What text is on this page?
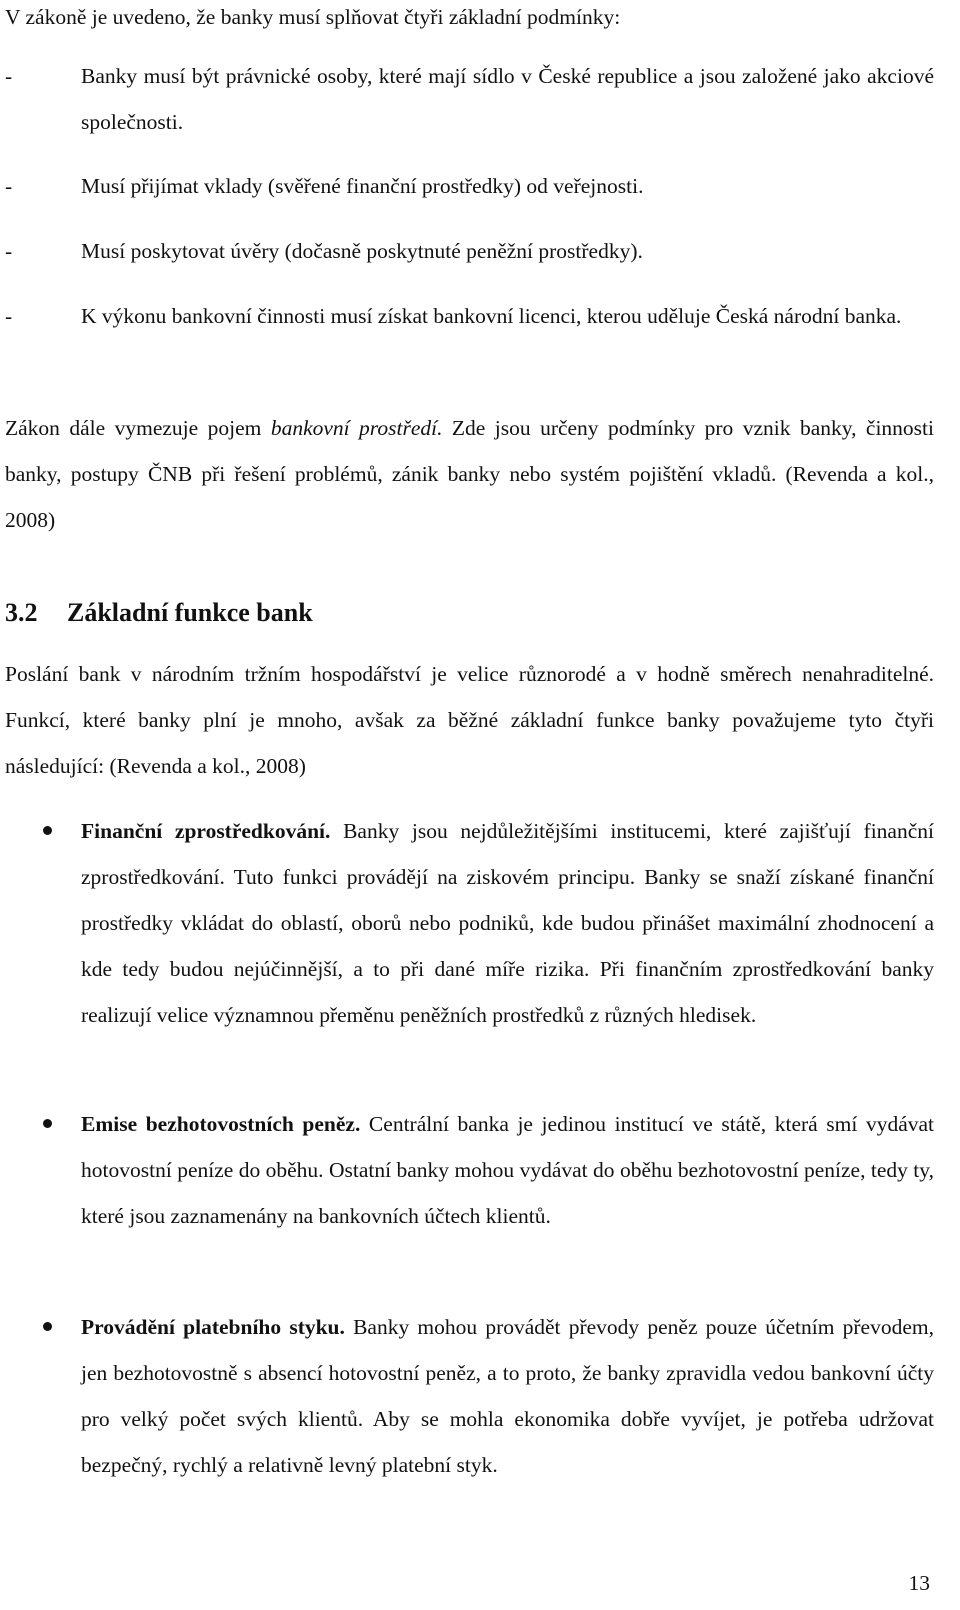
V zákoně je uvedeno, že banky musí splňovat čtyři základní podmínky:

-	Banky musí být právnické osoby, které mají sídlo v České republice a jsou založené jako akciové společnosti.
-	Musí přijímat vklady (svěřené finanční prostředky) od veřejnosti.
-	Musí poskytovat úvěry (dočasně poskytnuté peněžní prostředky).
-	K výkonu bankovní činnosti musí získat bankovní licenci, kterou uděluje Česká národní banka.

Zákon dále vymezuje pojem bankovní prostředí. Zde jsou určeny podmínky pro vznik banky, činnosti banky, postupy ČNB při řešení problémů, zánik banky nebo systém pojištění vkladů. (Revenda a kol., 2008)

3.2 Základní funkce bank

Poslání bank v národním tržním hospodářství je velice různorodé a v hodně směrech nenahraditelné. Funkcí, které banky plní je mnoho, avšak za běžné základní funkce banky považujeme tyto čtyři následující: (Revenda a kol., 2008)

Finanční zprostředkování. Banky jsou nejdůležitějšími institucemi, které zajišťují finanční zprostředkování. Tuto funkci provádějí na ziskovém principu. Banky se snaží získané finanční prostředky vkládat do oblastí, oborů nebo podniků, kde budou přinášet maximální zhodnocení a kde tedy budou nejúčinnější, a to při dané míře rizika. Při finančním zprostředkování banky realizují velice významnou přeměnu peněžních prostředků z různých hledisek.
Emise bezhotovostních peněz. Centrální banka je jedinou institucí ve státě, která smí vydávat hotovostní peníze do oběhu. Ostatní banky mohou vydávat do oběhu bezhotovostní peníze, tedy ty, které jsou zaznamenány na bankovních účtech klientů.
Provádění platebního styku. Banky mohou provádět převody peněz pouze účetním převodem, jen bezhotovostně s absencí hotovostní peněz, a to proto, že banky zpravidla vedou bankovní účty pro velký počet svých klientů. Aby se mohla ekonomika dobře vyvíjet, je potřeba udržovat bezpečný, rychlý a relativně levný platební styk.
13
